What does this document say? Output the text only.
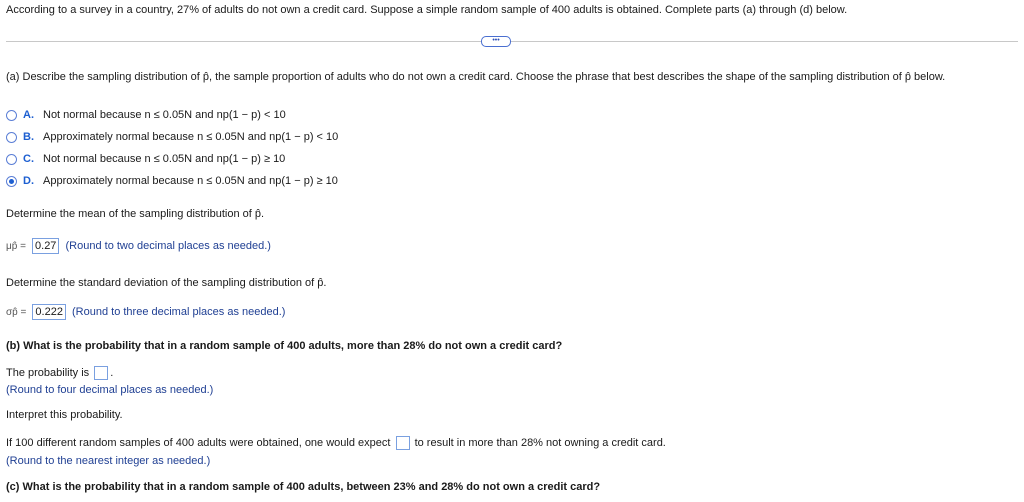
According to a survey in a country, 27% of adults do not own a credit card. Suppose a simple random sample of 400 adults is obtained. Complete parts (a) through (d) below.
•••
(a) Describe the sampling distribution of p̂, the sample proportion of adults who do not own a credit card. Choose the phrase that best describes the shape of the sampling distribution of p̂ below.
A. Not normal because n ≤ 0.05N and np(1 − p) < 10
B. Approximately normal because n ≤ 0.05N and np(1 − p) < 10
C. Not normal because n ≤ 0.05N and np(1 − p) ≥ 10
D. Approximately normal because n ≤ 0.05N and np(1 − p) ≥ 10
Determine the mean of the sampling distribution of p̂.
μp̂ = 0.27 (Round to two decimal places as needed.)
Determine the standard deviation of the sampling distribution of p̂.
σp̂ = 0.222 (Round to three decimal places as needed.)
(b) What is the probability that in a random sample of 400 adults, more than 28% do not own a credit card?
The probability is .
(Round to four decimal places as needed.)
Interpret this probability.
If 100 different random samples of 400 adults were obtained, one would expect to result in more than 28% not owning a credit card.
(Round to the nearest integer as needed.)
(c) What is the probability that in a random sample of 400 adults, between 23% and 28% do not own a credit card?
